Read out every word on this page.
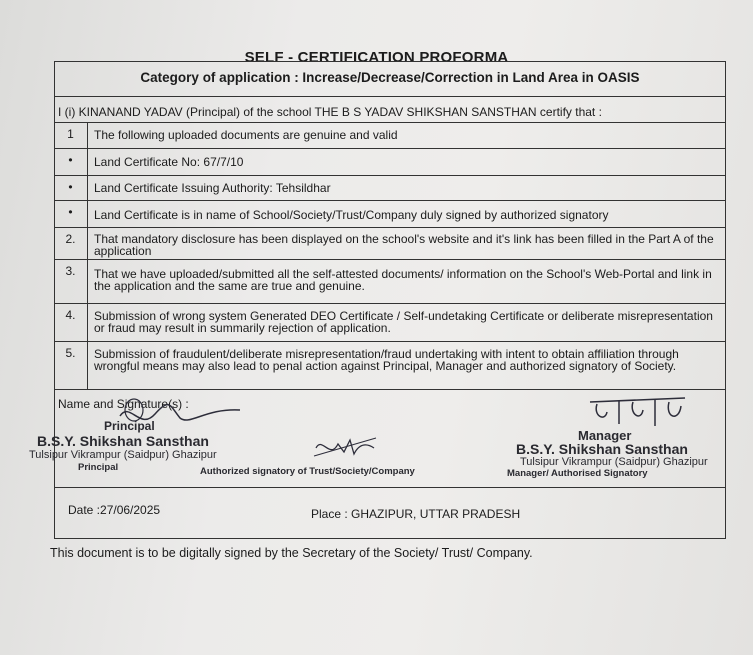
SELF - CERTIFICATION PROFORMA
Category of application : Increase/Decrease/Correction in Land Area in OASIS
I (i) KINANAND YADAV (Principal) of the school THE B S YADAV SHIKSHAN SANSTHAN certify that :
1	The following uploaded documents are genuine and valid
•	Land Certificate No: 67/7/10
•	Land Certificate Issuing Authority: Tehsildhar
•	Land Certificate is in name of School/Society/Trust/Company duly signed by authorized signatory
2.	That mandatory disclosure has been displayed on the school's website and it's link has been filled in the Part A of the application
3.	That we have uploaded/submitted all the self-attested documents/ information on the School's Web-Portal and link in the application and the same are true and genuine.
4.	Submission of wrong system Generated DEO Certificate / Self-undetaking Certificate or deliberate misrepresentation or fraud may result in summarily rejection of application.
5.	Submission of fraudulent/deliberate misrepresentation/fraud undertaking with intent to obtain affiliation through wrongful means may also lead to penal action against Principal, Manager and authorized signatory of Society.
Name and Signature(s) :
Principal
B.S.Y. Shikshan Sansthan
Tulsipur Vikrampur (Saidpur) Ghazipur
Principal	Authorized signatory of Trust/Society/Company
Manager
B.S.Y. Shikshan Sansthan
Tulsipur Vikrampur (Saidpur) Ghazipur
Manager/ Authorised Signatory
Date :27/06/2025	Place : GHAZIPUR, UTTAR PRADESH
This document is to be digitally signed by the Secretary of the Society/ Trust/ Company.
